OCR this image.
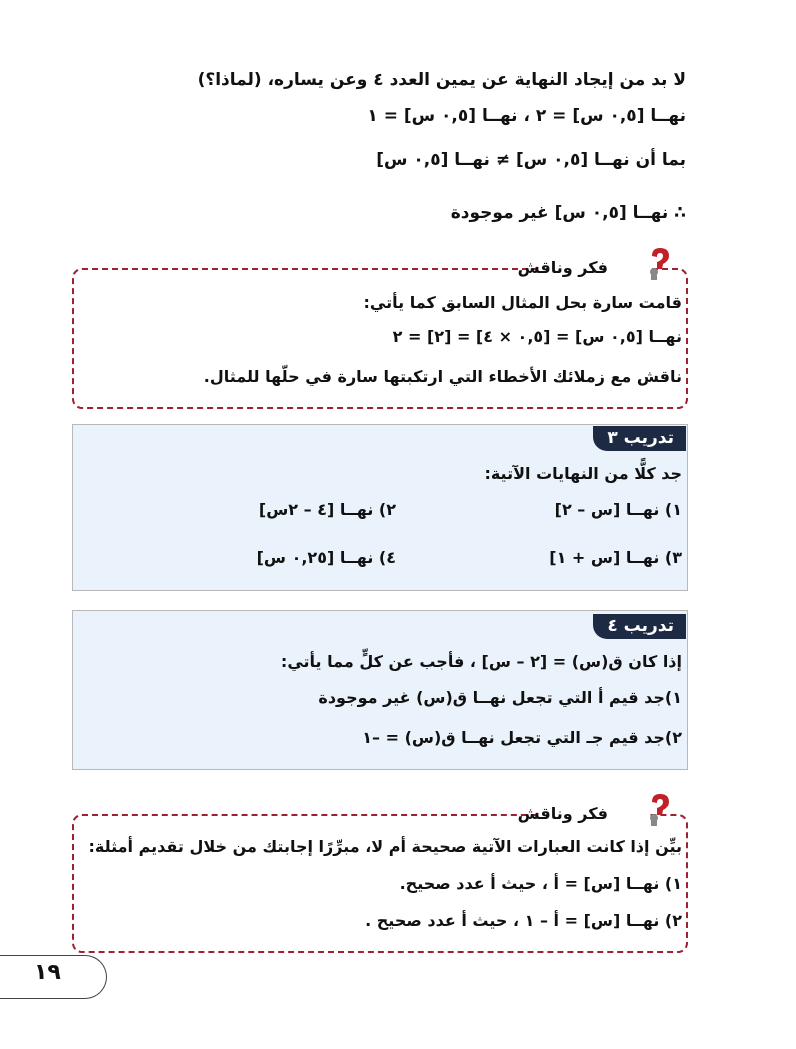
لا بد من إيجاد النهاية عن يمين العدد ٤ وعن يساره، (لماذا؟)
نهــا [٠,٥ س] = ٢ ، نهــا [٠,٥ س] = ١
بما أن نهــا [٠,٥ س] ≠ نهــا [٠,٥ س]
∴ نهــا [٠,٥ س] غير موجودة
فكر وناقش
قامت سارة بحل المثال السابق كما يأتي:
نهــا [٠,٥ س] = [٠,٥ × ٤] = [٢] = ٢
ناقش مع زملائك الأخطاء التي ارتكبتها سارة في حلّها للمثال.
تدريب ٣
جد كلًّا من النهايات الآتية:
١) نهــا [س – ٢]
٢) نهــا [٤ – ٢س]
٣) نهــا [س + ١]
٤) نهــا [٠,٢٥ س]
تدريب ٤
إذا كان ق(س) = [٢ – س] ، فأجب عن كلٍّ مما يأتي:
١)جد قيم أ التي تجعل نهــا ق(س) غير موجودة
٢)جد قيم جـ التي تجعل نهــا ق(س) = –١
فكر وناقش
بيِّن إذا كانت العبارات الآتية صحيحة أم لا، مبرِّرًا إجابتك من خلال تقديم أمثلة:
١) نهــا [س] = أ ، حيث أ عدد صحيح.
٢) نهــا [س] = أ – ١ ، حيث أ عدد صحيح .
١٩
